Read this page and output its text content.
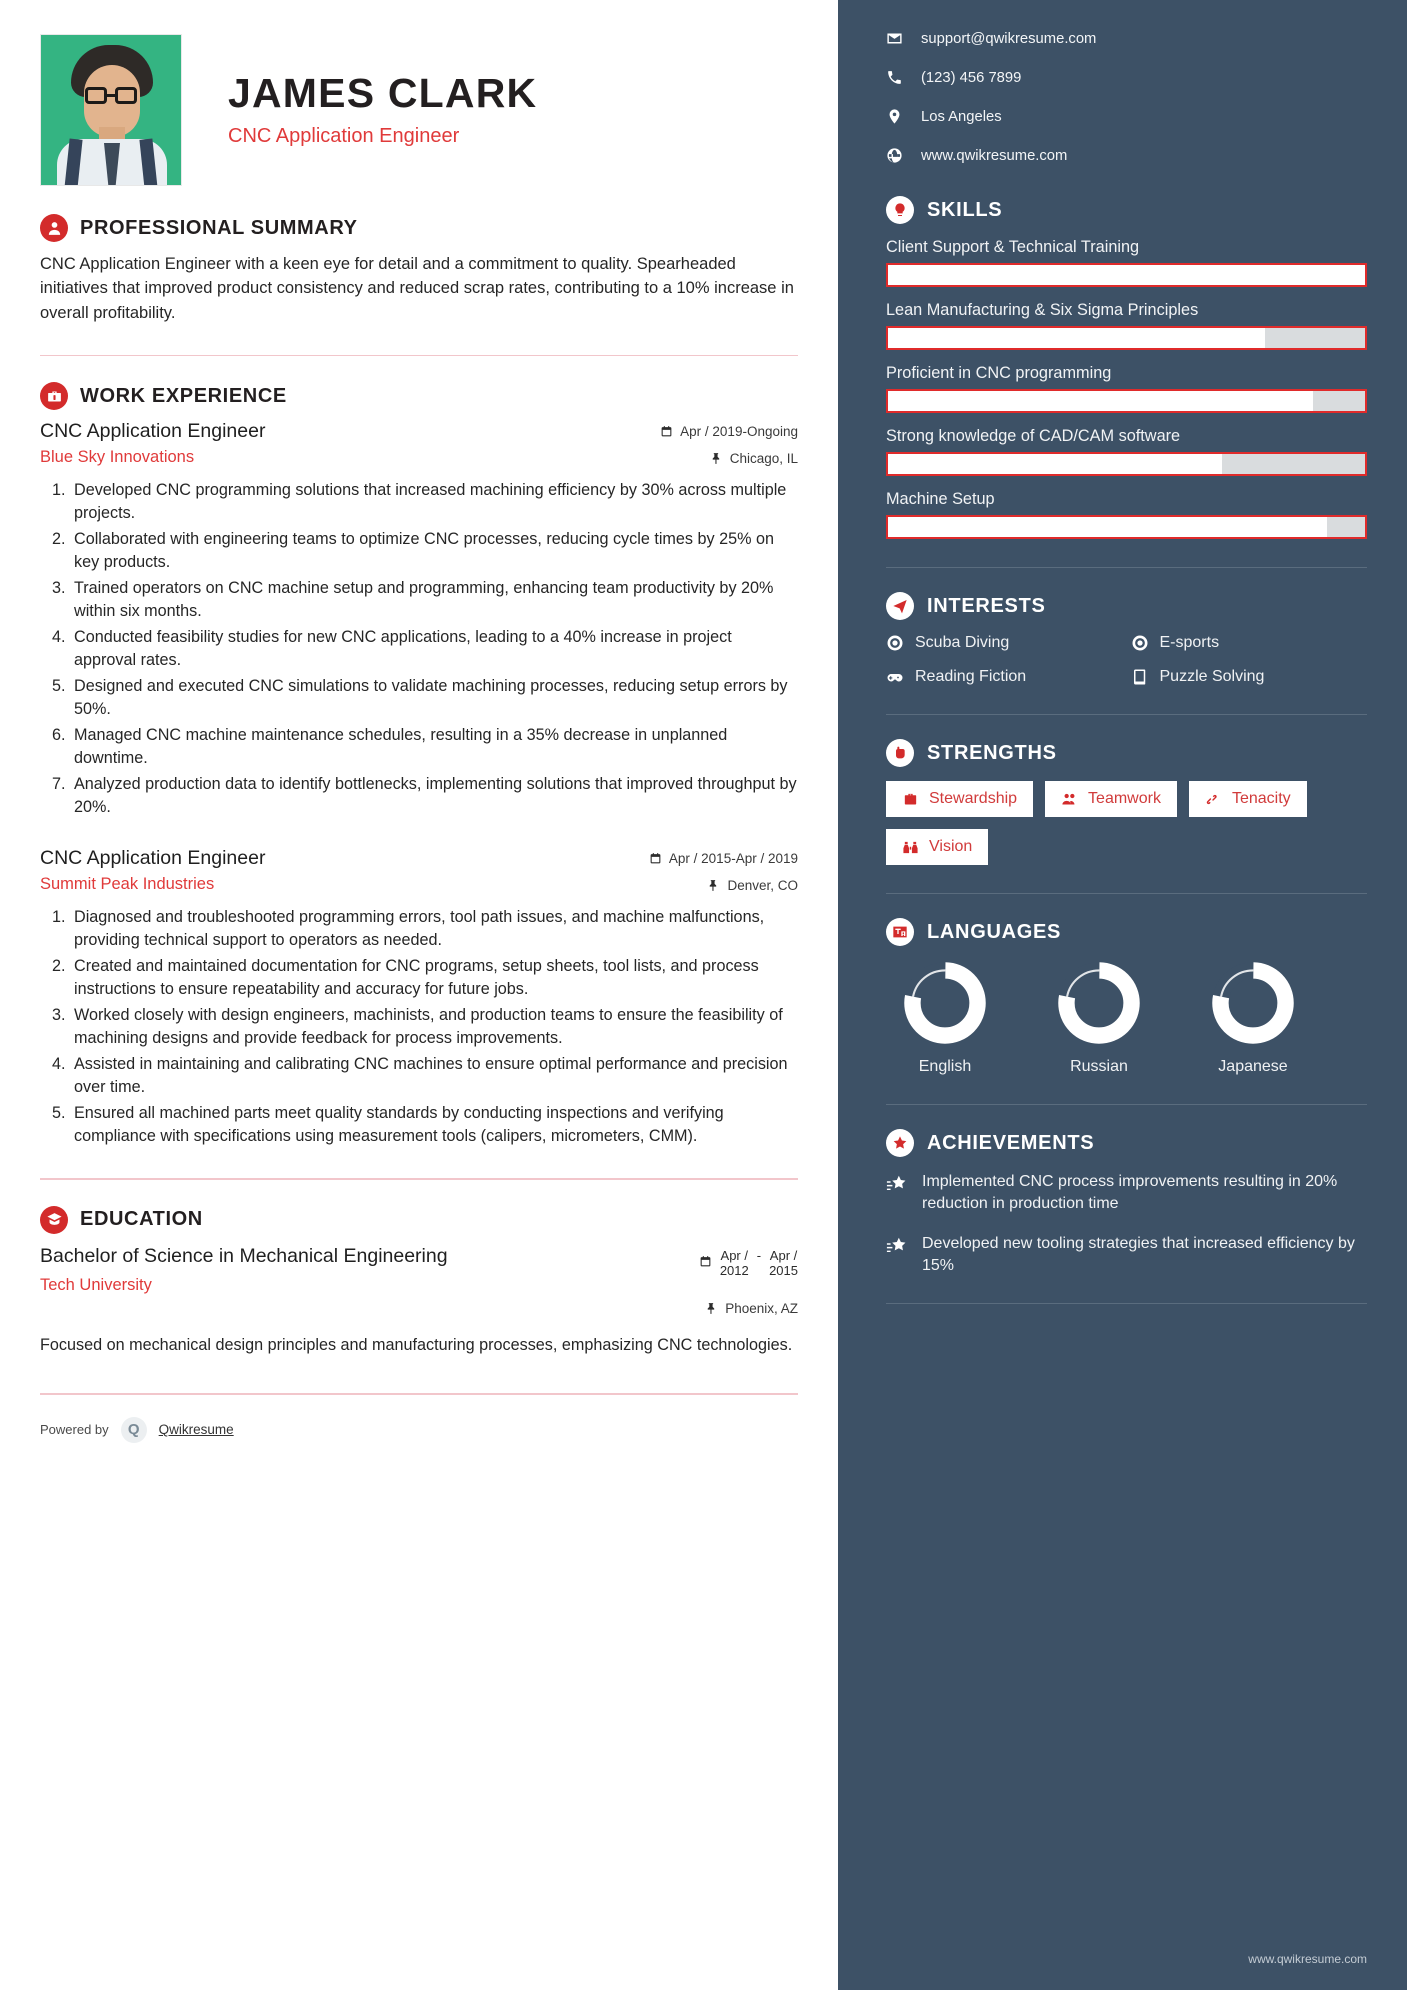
JAMES CLARK
CNC Application Engineer
PROFESSIONAL SUMMARY
CNC Application Engineer with a keen eye for detail and a commitment to quality. Spearheaded initiatives that improved product consistency and reduced scrap rates, contributing to a 10% increase in overall profitability.
WORK EXPERIENCE
CNC Application Engineer
Blue Sky Innovations
Apr / 2019-Ongoing
Chicago, IL
1. Developed CNC programming solutions that increased machining efficiency by 30% across multiple projects.
2. Collaborated with engineering teams to optimize CNC processes, reducing cycle times by 25% on key products.
3. Trained operators on CNC machine setup and programming, enhancing team productivity by 20% within six months.
4. Conducted feasibility studies for new CNC applications, leading to a 40% increase in project approval rates.
5. Designed and executed CNC simulations to validate machining processes, reducing setup errors by 50%.
6. Managed CNC machine maintenance schedules, resulting in a 35% decrease in unplanned downtime.
7. Analyzed production data to identify bottlenecks, implementing solutions that improved throughput by 20%.
CNC Application Engineer
Summit Peak Industries
Apr / 2015-Apr / 2019
Denver, CO
1. Diagnosed and troubleshooted programming errors, tool path issues, and machine malfunctions, providing technical support to operators as needed.
2. Created and maintained documentation for CNC programs, setup sheets, tool lists, and process instructions to ensure repeatability and accuracy for future jobs.
3. Worked closely with design engineers, machinists, and production teams to ensure the feasibility of machining designs and provide feedback for process improvements.
4. Assisted in maintaining and calibrating CNC machines to ensure optimal performance and precision over time.
5. Ensured all machined parts meet quality standards by conducting inspections and verifying compliance with specifications using measurement tools (calipers, micrometers, CMM).
EDUCATION
Bachelor of Science in Mechanical Engineering
Tech University
Apr /
2012
- Apr /
2015
Phoenix, AZ
Focused on mechanical design principles and manufacturing processes, emphasizing CNC technologies.
Powered by	Q	Qwikresume
support@qwikresume.com
(123) 456 7899
Los Angeles
www.qwikresume.com
SKILLS
Client Support & Technical Training
Lean Manufacturing & Six Sigma Principles
Proficient in CNC programming
Strong knowledge of CAD/CAM software
Machine Setup
INTERESTS
Scuba Diving	E-sports
Reading Fiction	Puzzle Solving
STRENGTHS
Stewardship	Teamwork	Tenacity
Vision
LANGUAGES
English	Russian	Japanese
ACHIEVEMENTS
Implemented CNC process improvements resulting in 20% reduction in production time
Developed new tooling strategies that increased efficiency by 15%
www.qwikresume.com
